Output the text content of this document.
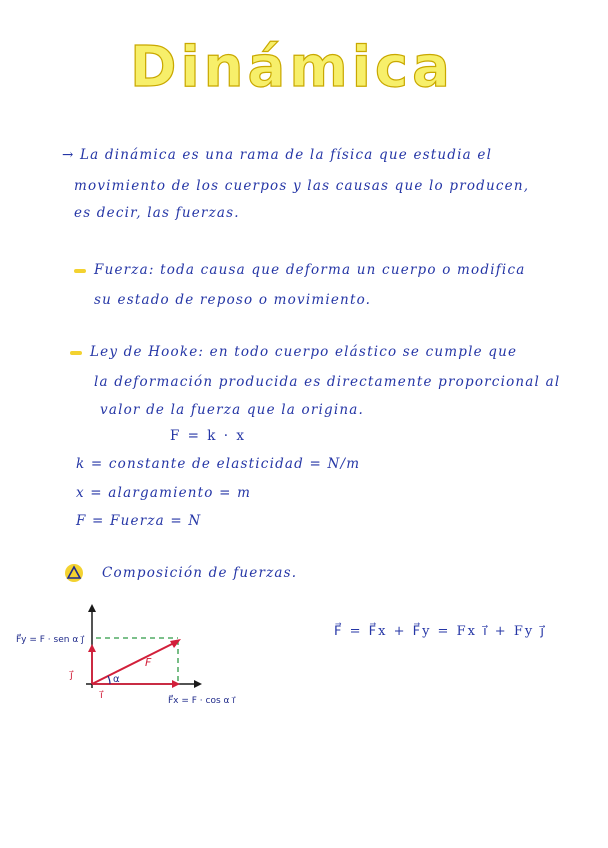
Dinámica
→ La dinámica es una rama de la física que estudia el
movimiento de los cuerpos y las causas que lo producen,
es decir, las fuerzas.
Fuerza: toda causa que deforma un cuerpo o modifica
su estado de reposo o movimiento.
Ley de Hooke: en todo cuerpo elástico se cumple que
la deformación producida es directamente proporcional al
valor de la fuerza que la origina.
F = k · x
k = constante de elasticidad = N/m
x = alargamiento = m
F = Fuerza = N
Composición de fuerzas.
α
F
j⃗
i⃗
F⃗y = F · sen α j⃗
F⃗x = F · cos α i⃗
F⃗ = F⃗x + F⃗y = Fx i⃗ + Fy j⃗
